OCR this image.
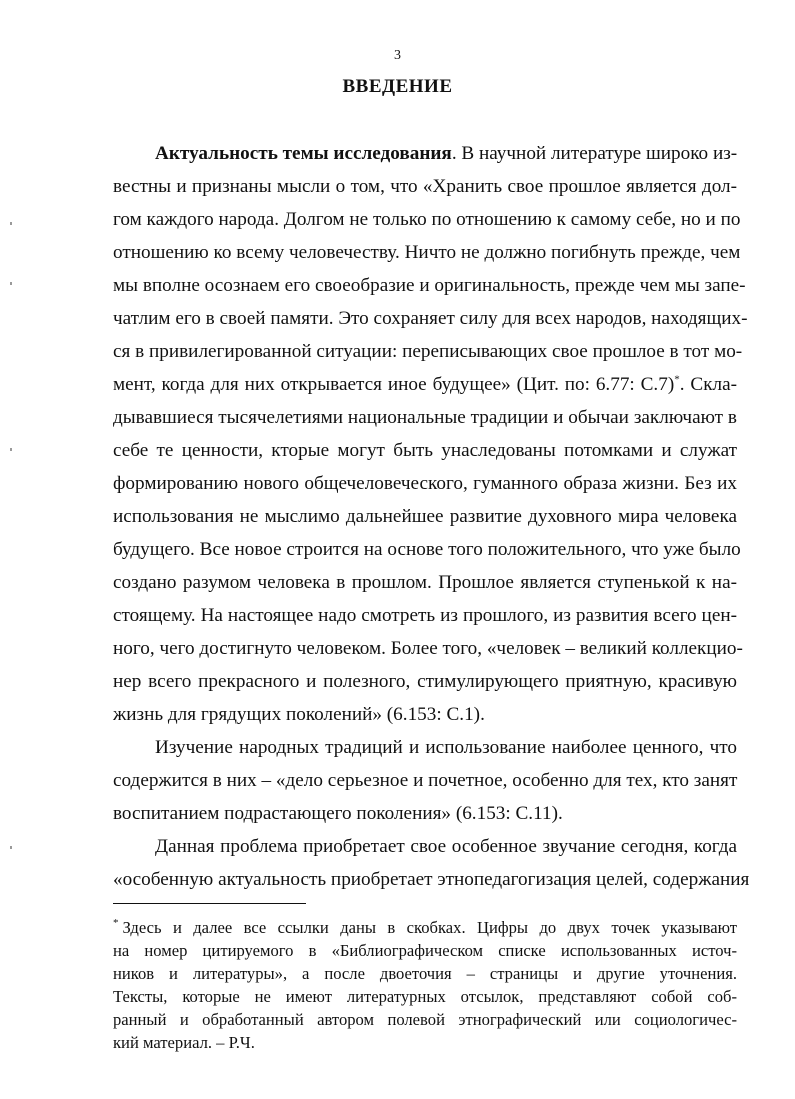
3
ВВЕДЕНИЕ
Актуальность темы исследования. В научной литературе широко из-
вестны и признаны мысли о том, что «Хранить свое прошлое является дол-
гом каждого народа. Долгом не только по отношению к самому себе, но и по
отношению ко всему человечеству. Ничто не должно погибнуть прежде, чем
мы вполне осознаем его своеобразие и оригинальность, прежде чем мы запе-
чатлим его в своей памяти. Это сохраняет силу для всех народов, находящих-
ся в привилегированной ситуации: переписывающих свое прошлое в тот мо-
мент, когда для них открывается иное будущее» (Цит. по: 6.77: С.7)*. Скла-
дывавшиеся тысячелетиями национальные традиции и обычаи заключают в
себе те ценности, кторые могут быть унаследованы потомками и служат
формированию нового общечеловеческого, гуманного образа жизни. Без их
использования не мыслимо дальнейшее развитие духовного мира человека
будущего. Все новое строится на основе того положительного, что уже было
создано разумом человека в прошлом. Прошлое является ступенькой к на-
стоящему. На настоящее надо смотреть из прошлого, из развития всего цен-
ного, чего достигнуто человеком. Более того, «человек – великий коллекцио-
нер всего прекрасного и полезного, стимулирующего приятную, красивую
жизнь для грядущих поколений» (6.153: С.1).
Изучение народных традиций и использование наиболее ценного, что
содержится в них – «дело серьезное и почетное, особенно для тех, кто занят
воспитанием подрастающего поколения» (6.153: С.11).
Данная проблема приобретает свое особенное звучание сегодня, когда
«особенную актуальность приобретает этнопедагогизация целей, содержания
* Здесь и далее все ссылки даны в скобках. Цифры до двух точек указывают
на номер цитируемого в «Библиографическом списке использованных источ-
ников и литературы», а после двоеточия – страницы и другие уточнения.
Тексты, которые не имеют литературных отсылок, представляют собой соб-
ранный и обработанный автором полевой этнографический или социологичес-
кий материал. – Р.Ч.
